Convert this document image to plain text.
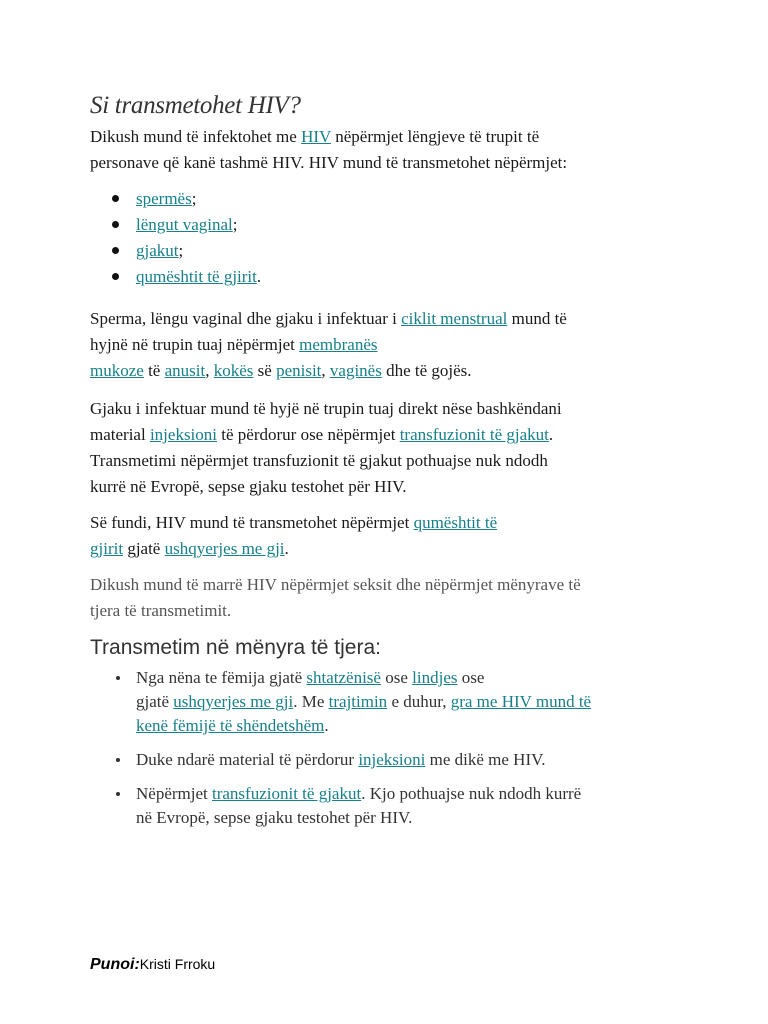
Si transmetohet HIV?

Dikush mund të infektohet me HIV nëpërmjet lëngjeve të trupit të
personave që kanë tashmë HIV. HIV mund të transmetohet nëpërmjet:

spermës;
lëngut vaginal;
gjakut;
qumështit të gjirit.

Sperma, lëngu vaginal dhe gjaku i infektuar i ciklit menstrual mund të
hyjnë në trupin tuaj nëpërmjet membranës
mukoze të anusit, kokës së penisit, vaginës dhe të gojës.

Gjaku i infektuar mund të hyjë në trupin tuaj direkt nëse bashkëndani
material injeksioni të përdorur ose nëpërmjet transfuzionit të gjakut.
Transmetimi nëpërmjet transfuzionit të gjakut pothuajse nuk ndodh
kurrë në Evropë, sepse gjaku testohet për HIV.

Së fundi, HIV mund të transmetohet nëpërmjet qumështit të
gjirit gjatë ushqyerjes me gji.

Dikush mund të marrë HIV nëpërmjet seksit dhe nëpërmjet mënyrave të
tjera të transmetimit.

Transmetim në mënyra të tjera:
Nga nëna te fëmija gjatë shtatzënisë ose lindjes ose
gjatë ushqyerjes me gji. Me trajtimin e duhur, gra me HIV mund të
kenë fëmijë të shëndetshëm.
Duke ndarë material të përdorur injeksioni me dikë me HIV.
Nëpërmjet transfuzionit të gjakut. Kjo pothuajse nuk ndodh kurrë
në Evropë, sepse gjaku testohet për HIV.
Punoi:Kristi Frroku
